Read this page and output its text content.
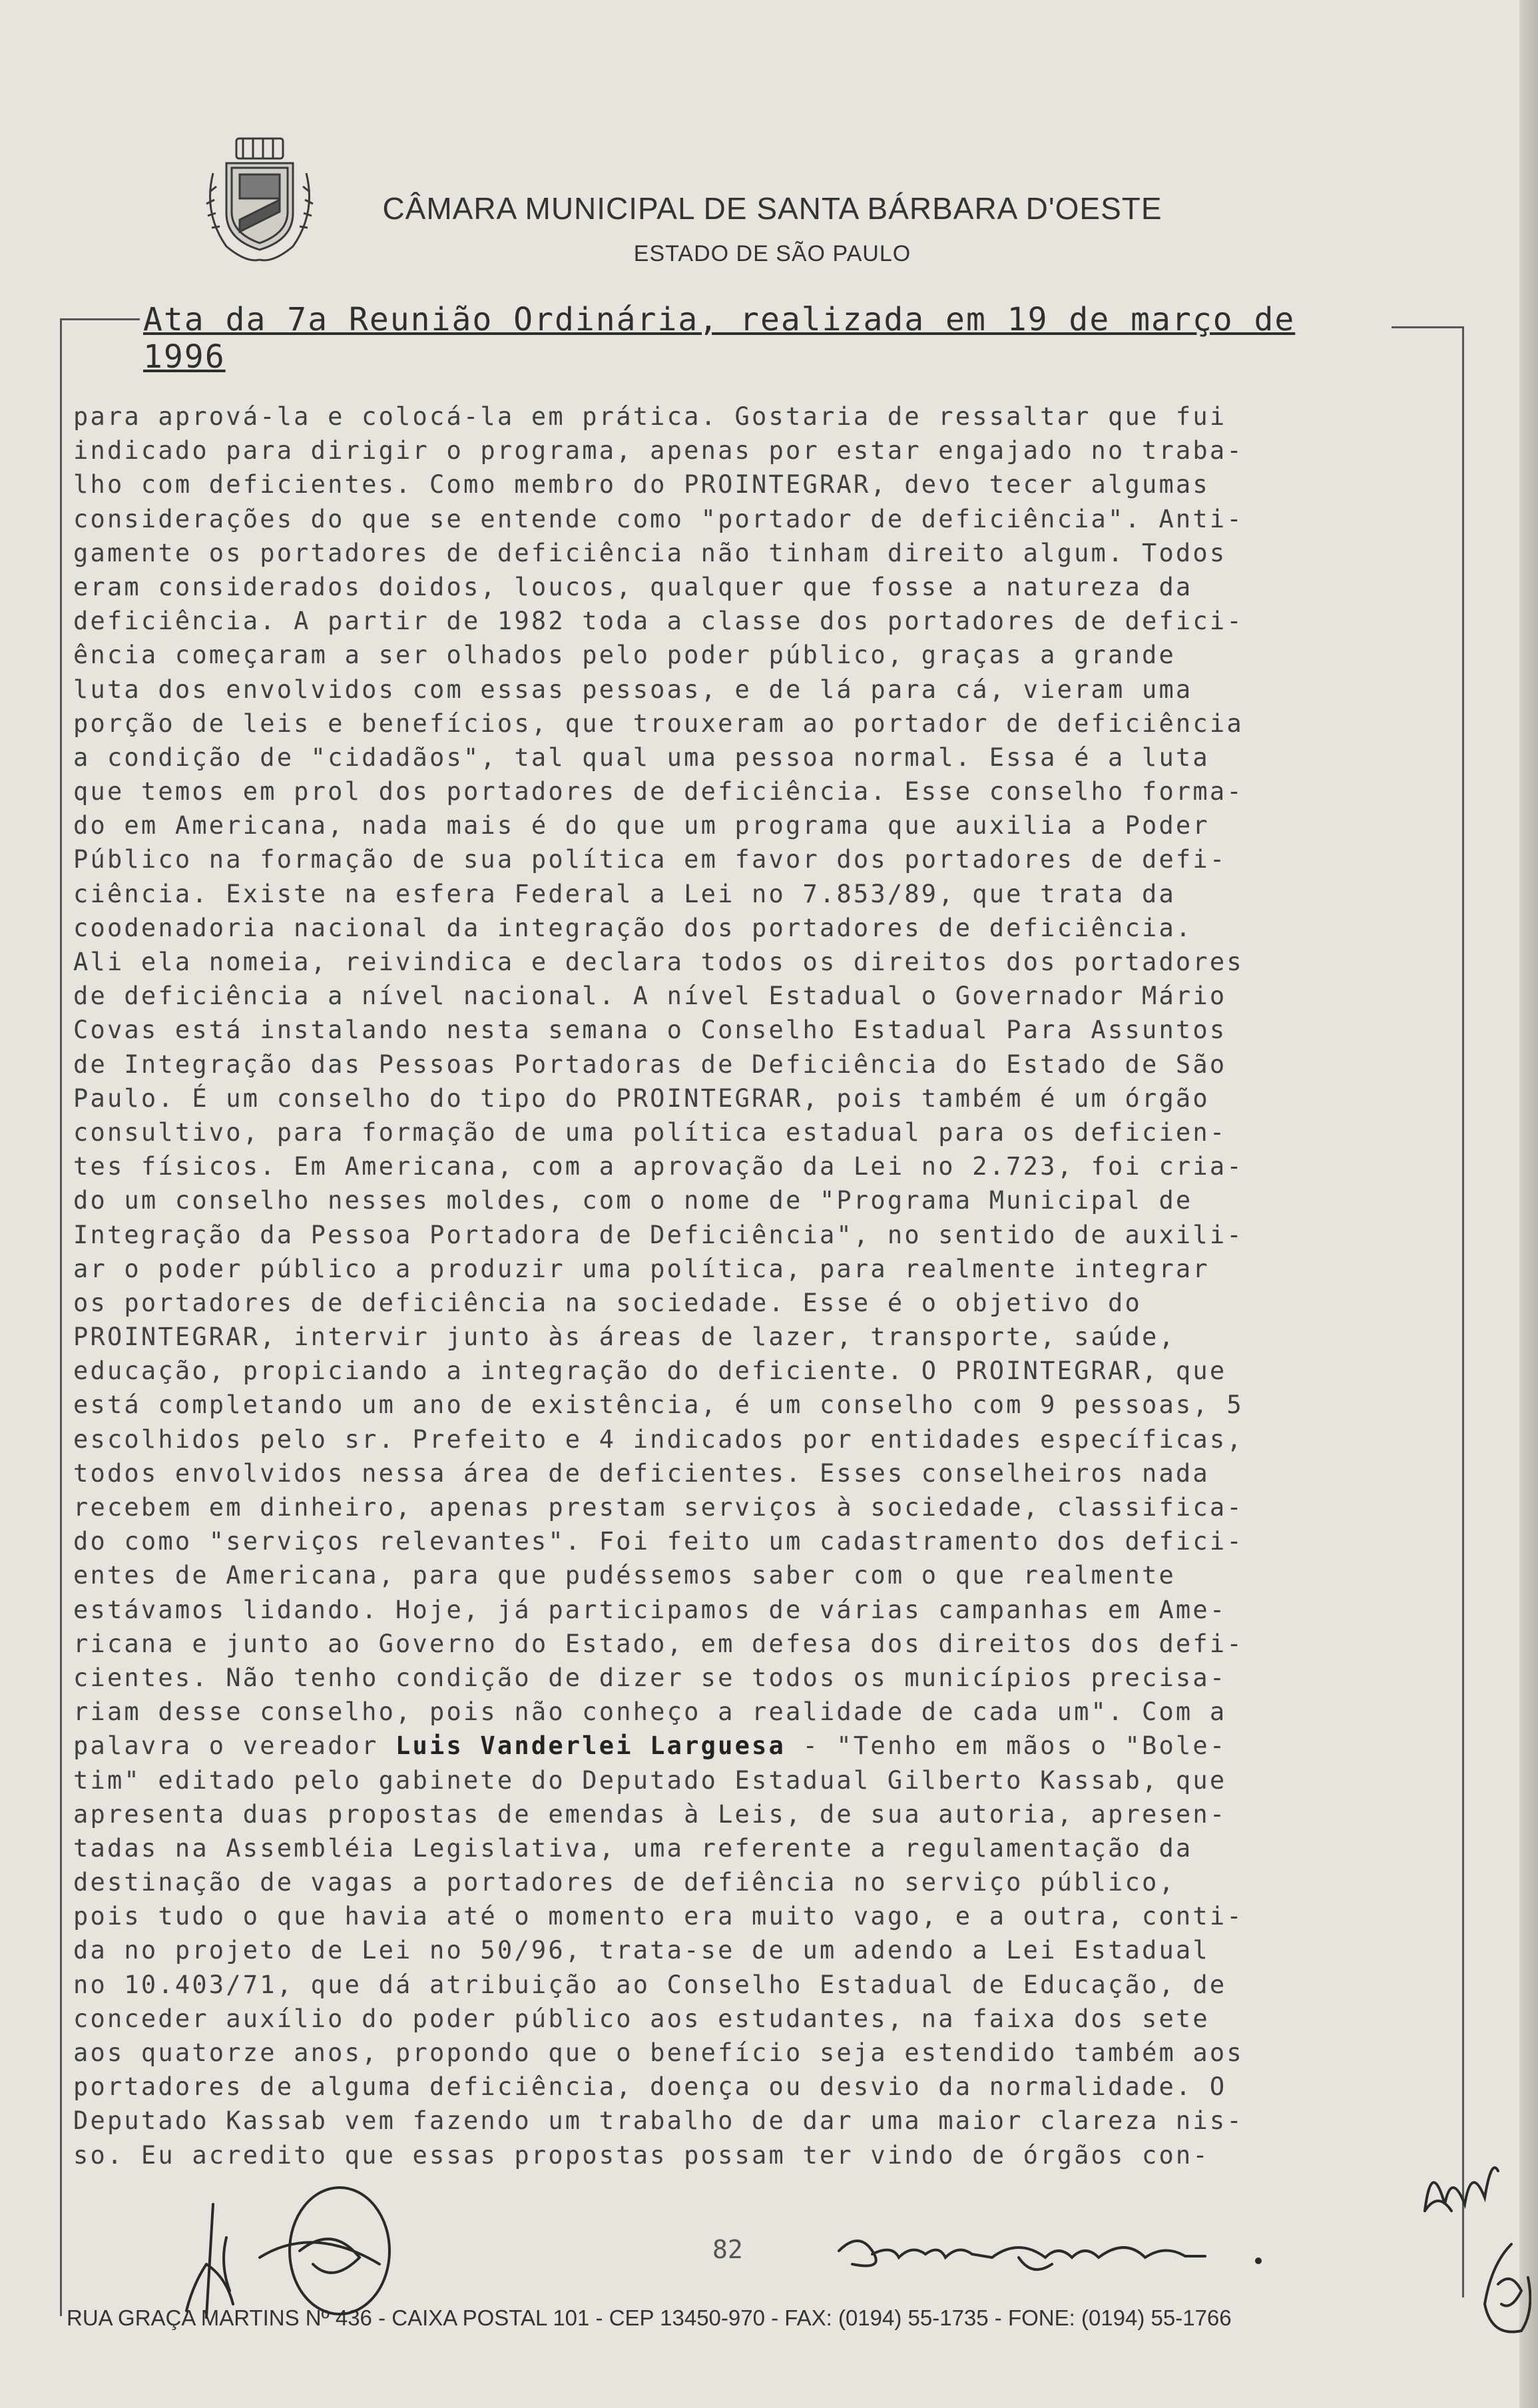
CÂMARA MUNICIPAL DE SANTA BÁRBARA D'OESTE
ESTADO DE SÃO PAULO
Ata da 7a Reunião Ordinária, realizada em 19 de março de 1996
para aprová-la e colocá-la em prática. Gostaria de ressaltar que fui
indicado para dirigir o programa, apenas por estar engajado no traba-
lho com deficientes. Como membro do PROINTEGRAR, devo tecer algumas
considerações do que se entende como "portador de deficiência". Anti-
gamente os portadores de deficiência não tinham direito algum. Todos
eram considerados doidos, loucos, qualquer que fosse a natureza da
deficiência. A partir de 1982 toda a classe dos portadores de defici-
ência começaram a ser olhados pelo poder público, graças a grande
luta dos envolvidos com essas pessoas, e de lá para cá, vieram uma
porção de leis e benefícios, que trouxeram ao portador de deficiência
a condição de "cidadãos", tal qual uma pessoa normal. Essa é a luta
que temos em prol dos portadores de deficiência. Esse conselho forma-
do em Americana, nada mais é do que um programa que auxilia a Poder
Público na formação de sua política em favor dos portadores de defi-
ciência. Existe na esfera Federal a Lei no 7.853/89, que trata da
coodenadoria nacional da integração dos portadores de deficiência.
Ali ela nomeia, reivindica e declara todos os direitos dos portadores
de deficiência a nível nacional. A nível Estadual o Governador Mário
Covas está instalando nesta semana o Conselho Estadual Para Assuntos
de Integração das Pessoas Portadoras de Deficiência do Estado de São
Paulo. É um conselho do tipo do PROINTEGRAR, pois também é um órgão
consultivo, para formação de uma política estadual para os deficien-
tes físicos. Em Americana, com a aprovação da Lei no 2.723, foi cria-
do um conselho nesses moldes, com o nome de "Programa Municipal de
Integração da Pessoa Portadora de Deficiência", no sentido de auxili-
ar o poder público a produzir uma política, para realmente integrar
os portadores de deficiência na sociedade. Esse é o objetivo do
PROINTEGRAR, intervir junto às áreas de lazer, transporte, saúde,
educação, propiciando a integração do deficiente. O PROINTEGRAR, que
está completando um ano de existência, é um conselho com 9 pessoas, 5
escolhidos pelo sr. Prefeito e 4 indicados por entidades específicas,
todos envolvidos nessa área de deficientes. Esses conselheiros nada
recebem em dinheiro, apenas prestam serviços à sociedade, classifica-
do como "serviços relevantes". Foi feito um cadastramento dos defici-
entes de Americana, para que pudéssemos saber com o que realmente
estávamos lidando. Hoje, já participamos de várias campanhas em Ame-
ricana e junto ao Governo do Estado, em defesa dos direitos dos defi-
cientes. Não tenho condição de dizer se todos os municípios precisa-
riam desse conselho, pois não conheço a realidade de cada um". Com a
palavra o vereador Luis Vanderlei Larguesa - "Tenho em mãos o "Bole-
tim" editado pelo gabinete do Deputado Estadual Gilberto Kassab, que
apresenta duas propostas de emendas à Leis, de sua autoria, apresen-
tadas na Assembléia Legislativa, uma referente a regulamentação da
destinação de vagas a portadores de defiência no serviço público,
pois tudo o que havia até o momento era muito vago, e a outra, conti-
da no projeto de Lei no 50/96, trata-se de um adendo a Lei Estadual
no 10.403/71, que dá atribuição ao Conselho Estadual de Educação, de
conceder auxílio do poder público aos estudantes, na faixa dos sete
aos quatorze anos, propondo que o benefício seja estendido também aos
portadores de alguma deficiência, doença ou desvio da normalidade. O
Deputado Kassab vem fazendo um trabalho de dar uma maior clareza nis-
so. Eu acredito que essas propostas possam ter vindo de órgãos con-
82
RUA GRAÇA MARTINS Nº 436 - CAIXA POSTAL 101 - CEP 13450-970 - FAX: (0194) 55-1735 - FONE: (0194) 55-1766
